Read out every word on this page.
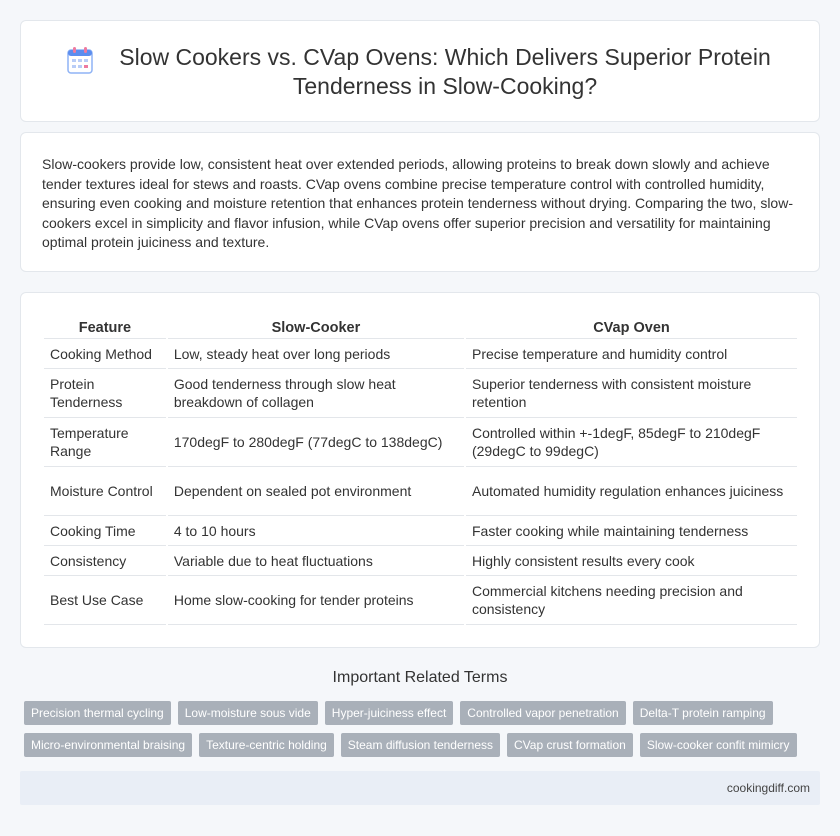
Slow Cookers vs. CVap Ovens: Which Delivers Superior Protein Tenderness in Slow-Cooking?

Slow-cookers provide low, consistent heat over extended periods, allowing proteins to break down slowly and achieve tender textures ideal for stews and roasts. CVap ovens combine precise temperature control with controlled humidity, ensuring even cooking and moisture retention that enhances protein tenderness without drying. Comparing the two, slow-cookers excel in simplicity and flavor infusion, while CVap ovens offer superior precision and versatility for maintaining optimal protein juiciness and texture.

Feature	Slow-Cooker	CVap Oven
Cooking Method	Low, steady heat over long periods	Precise temperature and humidity control
Protein Tenderness	Good tenderness through slow heat breakdown of collagen	Superior tenderness with consistent moisture retention
Temperature Range	170degF to 280degF (77degC to 138degC)	Controlled within +-1degF, 85degF to 210degF (29degC to 99degC)
Moisture Control	Dependent on sealed pot environment	Automated humidity regulation enhances juiciness
Cooking Time	4 to 10 hours	Faster cooking while maintaining tenderness
Consistency	Variable due to heat fluctuations	Highly consistent results every cook
Best Use Case	Home slow-cooking for tender proteins	Commercial kitchens needing precision and consistency
Important Related Terms
Precision thermal cycling	Low-moisture sous vide	Hyper-juiciness effect	Controlled vapor penetration	Delta-T protein ramping
Micro-environmental braising	Texture-centric holding	Steam diffusion tenderness	CVap crust formation	Slow-cooker confit mimicry
cookingdiff.com
